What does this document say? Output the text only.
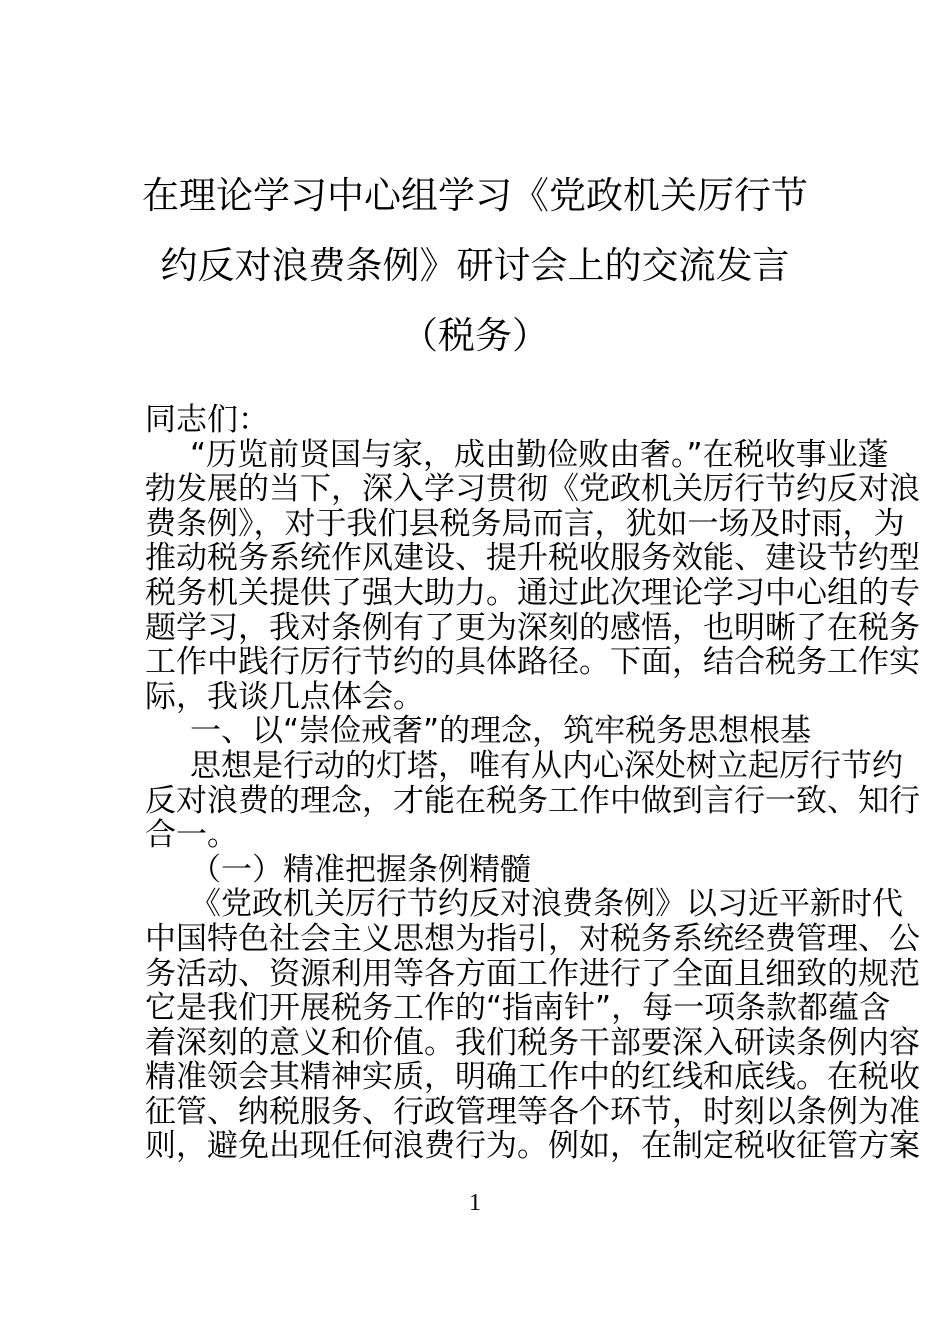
在理论学习中心组学习《党政机关厉行节
约反对浪费条例》研讨会上的交流发言
（税务）
同志们：
“历览前贤国与家，成由勤俭败由奢。”在税收事业蓬
勃发展的当下，深入学习贯彻《党政机关厉行节约反对浪
费条例》，对于我们县税务局而言，犹如一场及时雨，为
推动税务系统作风建设、提升税收服务效能、建设节约型
税务机关提供了强大助力。通过此次理论学习中心组的专
题学习，我对条例有了更为深刻的感悟，也明晰了在税务
工作中践行厉行节约的具体路径。下面，结合税务工作实
际，我谈几点体会。
一、以“崇俭戒奢”的理念，筑牢税务思想根基
思想是行动的灯塔，唯有从内心深处树立起厉行节约
反对浪费的理念，才能在税务工作中做到言行一致、知行
合一。
（一）精准把握条例精髓
《党政机关厉行节约反对浪费条例》以习近平新时代
中国特色社会主义思想为指引，对税务系统经费管理、公
务活动、资源利用等各方面工作进行了全面且细致的规范
它是我们开展税务工作的“指南针”，每一项条款都蕴含
着深刻的意义和价值。我们税务干部要深入研读条例内容
精准领会其精神实质，明确工作中的红线和底线。在税收
征管、纳税服务、行政管理等各个环节，时刻以条例为准
则，避免出现任何浪费行为。例如，在制定税收征管方案
1
